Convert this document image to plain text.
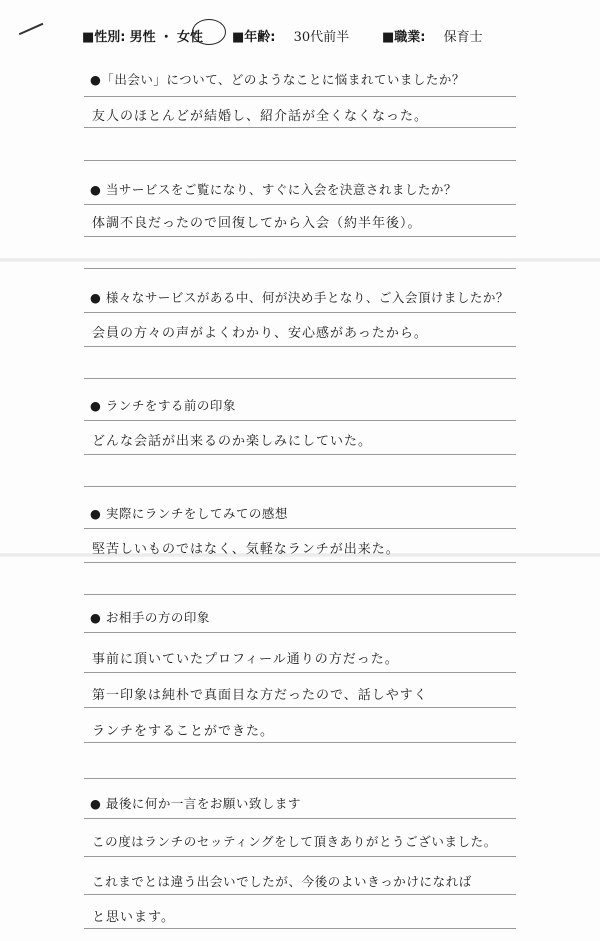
■性別: 男性 ・ 女性 ■年齢: 30代前半	■職業: 保育士
●「出会い」について、どのようなことに悩まれていましたか？
友人のほとんどが結婚し、紹介話が全くなくなった。
● 当サービスをご覧になり、すぐに入会を決意されましたか？
体調不良だったので回復してから入会（約半年後）。
● 様々なサービスがある中、何が決め手となり、ご入会頂けましたか？
会員の方々の声がよくわかり、安心感があったから。
● ランチをする前の印象
どんな会話が出来るのか楽しみにしていた。
● 実際にランチをしてみての感想
堅苦しいものではなく、気軽なランチが出来た。
● お相手の方の印象
事前に頂いていたプロフィール通りの方だった。
第一印象は純朴で真面目な方だったので、話しやすく
ランチをすることができた。
● 最後に何か一言をお願い致します
この度はランチのセッティングをして頂きありがとうございました。
これまでとは違う出会いでしたが、今後のよいきっかけになれば
と思います。
